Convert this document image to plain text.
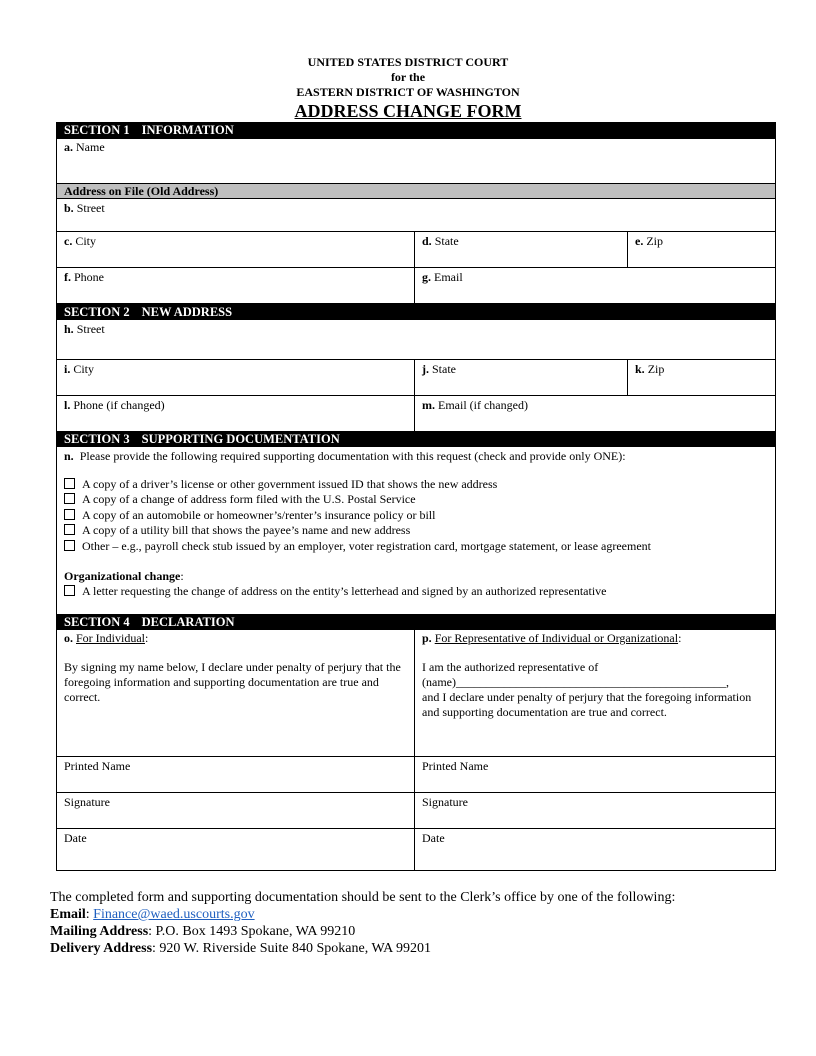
UNITED STATES DISTRICT COURT
for the
EASTERN DISTRICT OF WASHINGTON
ADDRESS CHANGE FORM
SECTION 1 INFORMATION
a. Name
Address on File (Old Address)
b. Street
c. City	d. State	e. Zip
f. Phone	g. Email
SECTION 2 NEW ADDRESS
h. Street
i. City	j. State	k. Zip
l. Phone (if changed)	m. Email (if changed)
SECTION 3 SUPPORTING DOCUMENTATION
n. Please provide the following required supporting documentation with this request (check and provide only ONE):
A copy of a driver’s license or other government issued ID that shows the new address
A copy of a change of address form filed with the U.S. Postal Service
A copy of an automobile or homeowner’s/renter’s insurance policy or bill
A copy of a utility bill that shows the payee’s name and new address
Other – e.g., payroll check stub issued by an employer, voter registration card, mortgage statement, or lease agreement
Organizational change:
A letter requesting the change of address on the entity’s letterhead and signed by an authorized representative
SECTION 4 DECLARATION
o. For Individual:
By signing my name below, I declare under penalty of perjury that the foregoing information and supporting documentation are true and correct.
p. For Representative of Individual or Organizational:
I am the authorized representative of
(name)_____________________________________________,
and I declare under penalty of perjury that the foregoing information and supporting documentation are true and correct.
Printed Name	Printed Name
Signature	Signature
Date	Date
The completed form and supporting documentation should be sent to the Clerk’s office by one of the following:
Email: Finance@waed.uscourts.gov
Mailing Address: P.O. Box 1493 Spokane, WA 99210
Delivery Address: 920 W. Riverside Suite 840 Spokane, WA 99201
